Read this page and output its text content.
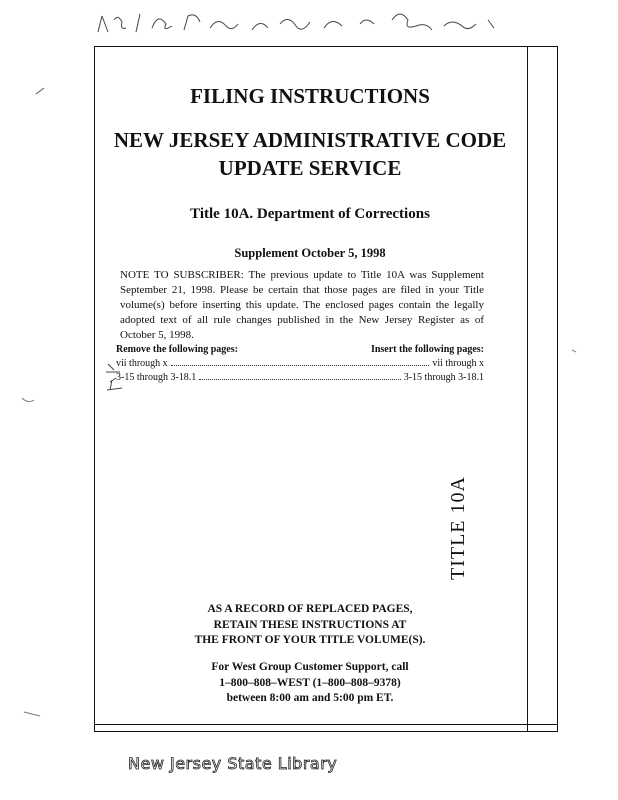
TITLE 10A
FILING INSTRUCTIONS
NEW JERSEY ADMINISTRATIVE CODE
UPDATE SERVICE
Title 10A. Department of Corrections
Supplement October 5, 1998
NOTE TO SUBSCRIBER: The previous update to Title 10A was Supplement September 21, 1998. Please be certain that those pages are filed in your Title volume(s) before inserting this update. The enclosed pages contain the legally adopted text of all rule changes published in the New Jersey Register as of October 5, 1998.
Remove the following pages:	Insert the following pages:
vii through x	vii through x
3-15 through 3-18.1	3-15 through 3-18.1
AS A RECORD OF REPLACED PAGES,
RETAIN THESE INSTRUCTIONS AT
THE FRONT OF YOUR TITLE VOLUME(S).
For West Group Customer Support, call
1–800–808–WEST (1–800–808–9378)
between 8:00 am and 5:00 pm ET.
New Jersey State Library
